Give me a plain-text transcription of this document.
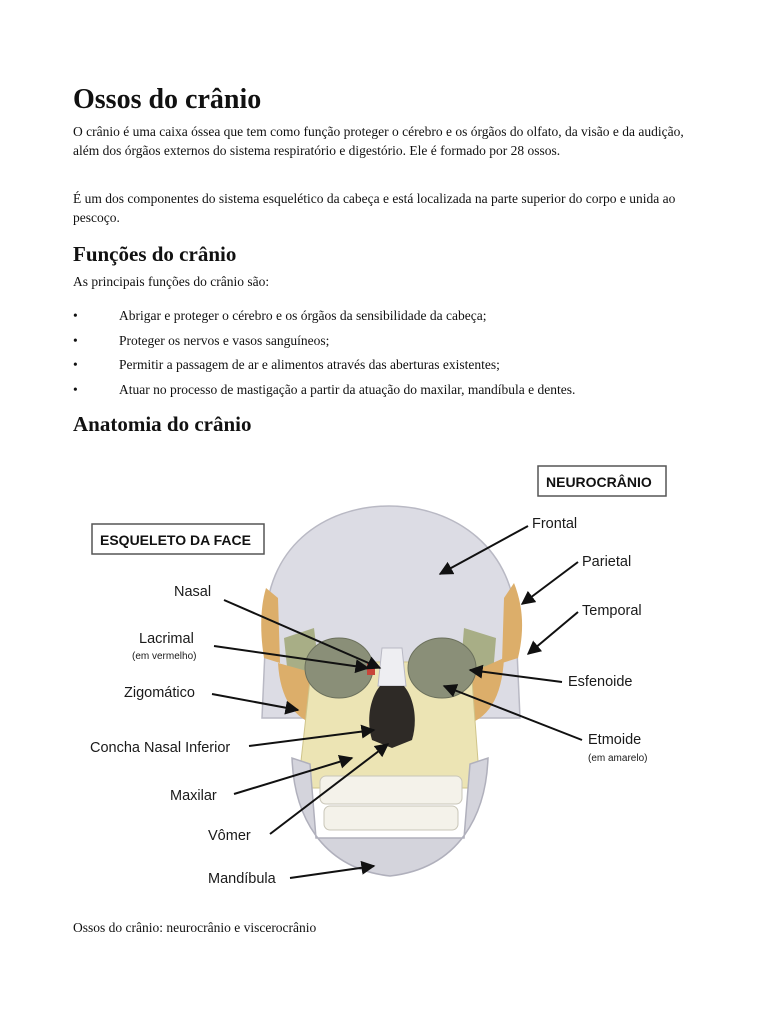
Ossos do crânio

O crânio é uma caixa óssea que tem como função proteger o cérebro e os órgãos do olfato, da visão e da audição, além dos órgãos externos do sistema respiratório e digestório. Ele é formado por 28 ossos.

É um dos componentes do sistema esquelético da cabeça e está localizada na parte superior do corpo e unida ao pescoço.

Funções do crânio

As principais funções do crânio são:

•	Abrigar e proteger o cérebro e os órgãos da sensibilidade da cabeça;
•	Proteger os nervos e vasos sanguíneos;
•	Permitir a passagem de ar e alimentos através das aberturas existentes;
•	Atuar no processo de mastigação a partir da atuação do maxilar, mandíbula e dentes.
Anatomia do crânio
ESQUELETO DA FACE
NEUROCRÂNIO
Nasal
Lacrimal
(em vermelho)
Zigomático
Concha Nasal Inferior
Maxilar
Vômer
Mandíbula
Frontal
Parietal
Temporal
Esfenoide
Etmoide
(em amarelo)

Ossos do crânio: neurocrânio e viscerocrânio
